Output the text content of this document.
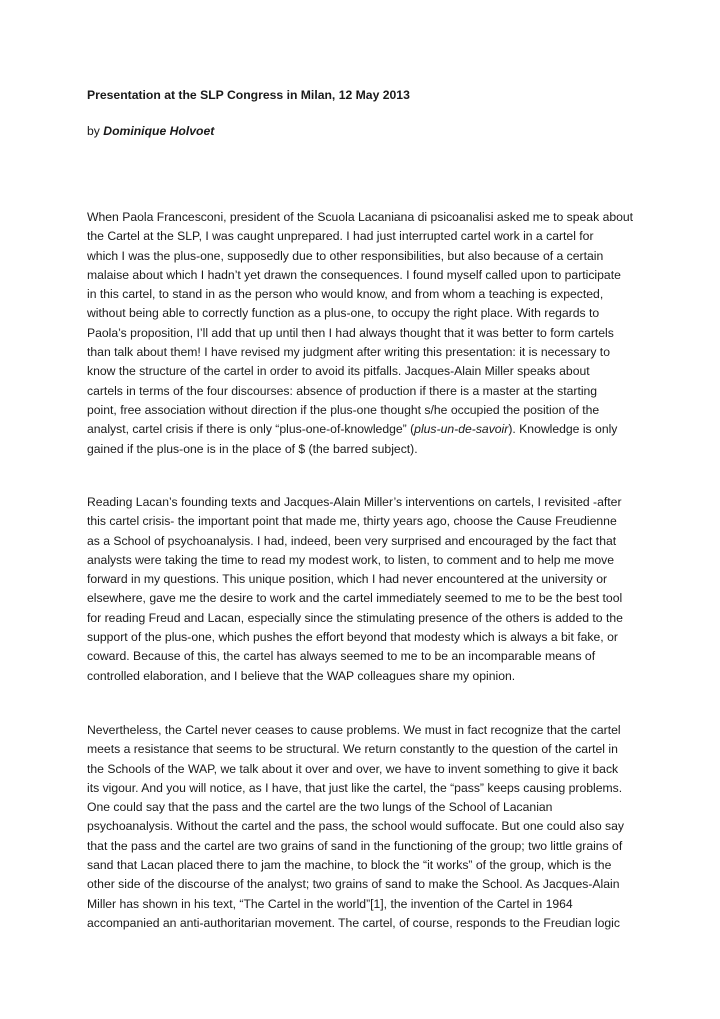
Presentation at the SLP Congress in Milan, 12 May 2013
by Dominique Holvoet
When Paola Francesconi, president of the Scuola Lacaniana di psicoanalisi asked me to speak about
the Cartel at the SLP, I was caught unprepared. I had just interrupted cartel work in a cartel for
which I was the plus-one, supposedly due to other responsibilities, but also because of a certain
malaise about which I hadn’t yet drawn the consequences. I found myself called upon to participate
in this cartel, to stand in as the person who would know, and from whom a teaching is expected,
without being able to correctly function as a plus-one, to occupy the right place. With regards to
Paola’s proposition, I’ll add that up until then I had always thought that it was better to form cartels
than talk about them! I have revised my judgment after writing this presentation: it is necessary to
know the structure of the cartel in order to avoid its pitfalls. Jacques-Alain Miller speaks about
cartels in terms of the four discourses: absence of production if there is a master at the starting
point, free association without direction if the plus-one thought s/he occupied the position of the
analyst, cartel crisis if there is only “plus-one-of-knowledge” (plus-un-de-savoir). Knowledge is only
gained if the plus-one is in the place of $ (the barred subject).
Reading Lacan’s founding texts and Jacques-Alain Miller’s interventions on cartels, I revisited -after
this cartel crisis- the important point that made me, thirty years ago, choose the Cause Freudienne
as a School of psychoanalysis. I had, indeed, been very surprised and encouraged by the fact that
analysts were taking the time to read my modest work, to listen, to comment and to help me move
forward in my questions. This unique position, which I had never encountered at the university or
elsewhere, gave me the desire to work and the cartel immediately seemed to me to be the best tool
for reading Freud and Lacan, especially since the stimulating presence of the others is added to the
support of the plus-one, which pushes the effort beyond that modesty which is always a bit fake, or
coward. Because of this, the cartel has always seemed to me to be an incomparable means of
controlled elaboration, and I believe that the WAP colleagues share my opinion.
Nevertheless, the Cartel never ceases to cause problems. We must in fact recognize that the cartel
meets a resistance that seems to be structural. We return constantly to the question of the cartel in
the Schools of the WAP, we talk about it over and over, we have to invent something to give it back
its vigour. And you will notice, as I have, that just like the cartel, the “pass” keeps causing problems.
One could say that the pass and the cartel are the two lungs of the School of Lacanian
psychoanalysis. Without the cartel and the pass, the school would suffocate. But one could also say
that the pass and the cartel are two grains of sand in the functioning of the group; two little grains of
sand that Lacan placed there to jam the machine, to block the “it works” of the group, which is the
other side of the discourse of the analyst; two grains of sand to make the School. As Jacques-Alain
Miller has shown in his text, “The Cartel in the world”[1], the invention of the Cartel in 1964
accompanied an anti-authoritarian movement. The cartel, of course, responds to the Freudian logic
